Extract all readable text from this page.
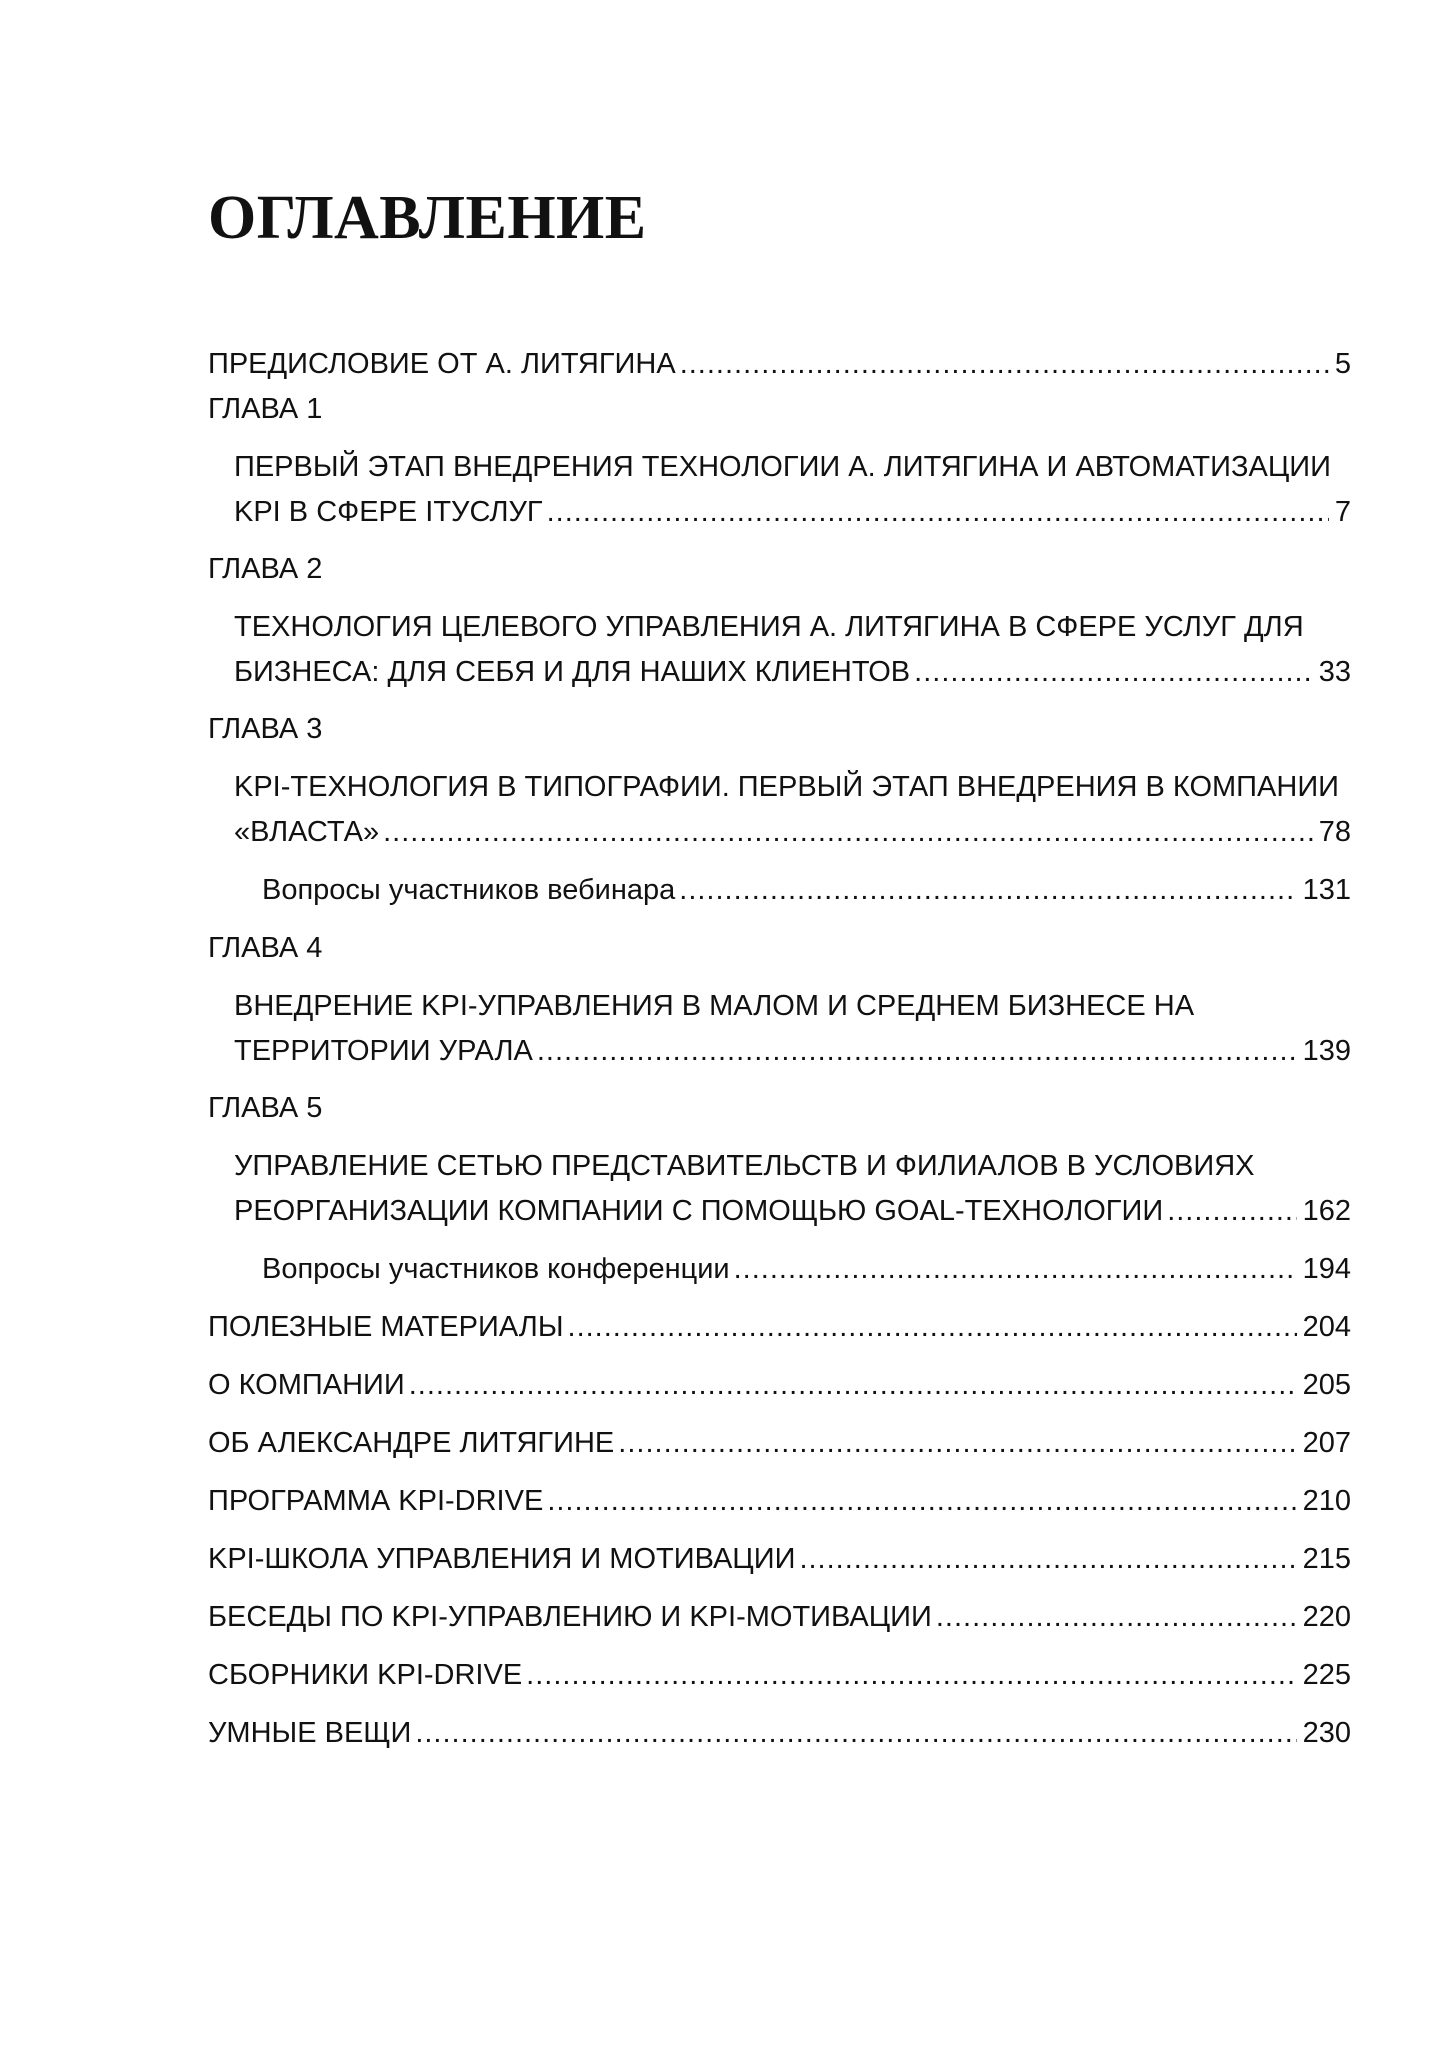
ОГЛАВЛЕНИЕ
ПРЕДИСЛОВИЕ ОТ А. ЛИТЯГИНА .....	5
ГЛАВА 1
ПЕРВЫЙ ЭТАП ВНЕДРЕНИЯ ТЕХНОЛОГИИ А. ЛИТЯГИНА И АВТОМАТИЗАЦИИ
KPI В СФЕРЕ ITУСЛУГ .....	7
ГЛАВА 2
ТЕХНОЛОГИЯ ЦЕЛЕВОГО УПРАВЛЕНИЯ А. ЛИТЯГИНА В СФЕРЕ УСЛУГ ДЛЯ
БИЗНЕСА: ДЛЯ СЕБЯ И ДЛЯ НАШИХ КЛИЕНТОВ .....	33
ГЛАВА 3
KPI-ТЕХНОЛОГИЯ В ТИПОГРАФИИ. ПЕРВЫЙ ЭТАП ВНЕДРЕНИЯ В КОМПАНИИ
«ВЛАСТА» .....	78
Вопросы участников вебинара .....	131
ГЛАВА 4
ВНЕДРЕНИЕ KPI-УПРАВЛЕНИЯ В МАЛОМ И СРЕДНЕМ БИЗНЕСЕ НА
ТЕРРИТОРИИ УРАЛА .....	139
ГЛАВА 5
УПРАВЛЕНИЕ СЕТЬЮ ПРЕДСТАВИТЕЛЬСТВ И ФИЛИАЛОВ В УСЛОВИЯХ
РЕОРГАНИЗАЦИИ КОМПАНИИ С ПОМОЩЬЮ GOAL-ТЕХНОЛОГИИ .....	162
Вопросы участников конференции .....	194
ПОЛЕЗНЫЕ МАТЕРИАЛЫ .....	204
О КОМПАНИИ .....	205
ОБ АЛЕКСАНДРЕ ЛИТЯГИНЕ .....	207
ПРОГРАММА KPI-DRIVE .....	210
KPI-ШКОЛА УПРАВЛЕНИЯ И МОТИВАЦИИ .....	215
БЕСЕДЫ ПО KPI-УПРАВЛЕНИЮ И KPI-МОТИВАЦИИ .....	220
СБОРНИКИ KPI-DRIVE .....	225
УМНЫЕ ВЕЩИ .....	230
